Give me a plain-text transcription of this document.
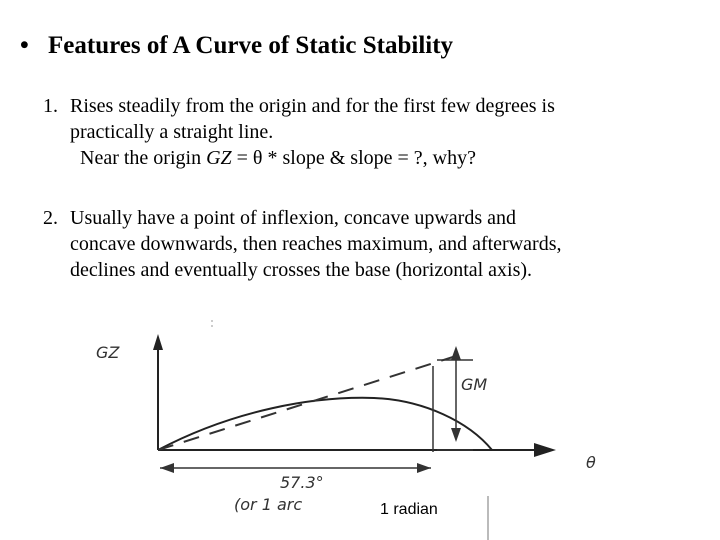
• Features of A Curve of Static Stability
1. Rises steadily from the origin and for the first few degrees is
practically a straight line.
Near the origin GZ = θ * slope & slope = ?, why?
2. Usually have a point of inflexion, concave upwards and
concave downwards, then reaches maximum, and afterwards,
declines and eventually crosses the base (horizontal axis).
GZ
GM
θ
57.3°
(or 1 arc	1 radian
